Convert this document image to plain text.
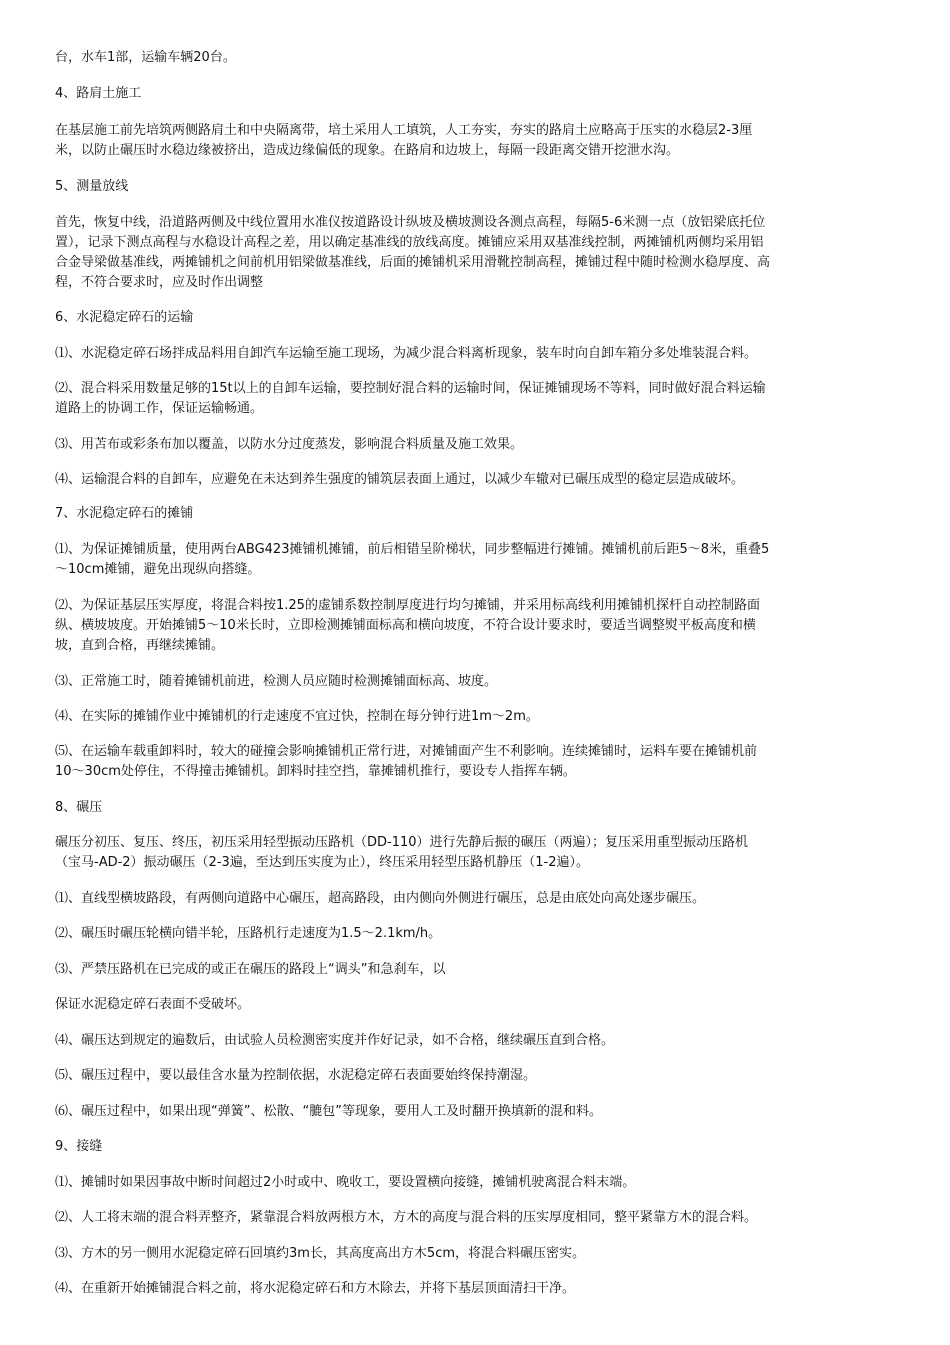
台，水车1部，运输车辆20台。
4、路肩土施工
在基层施工前先培筑两侧路肩土和中央隔离带，培土采用人工填筑，人工夯实，夯实的路肩土应略高于压实的水稳层2-3厘
米，以防止碾压时水稳边缘被挤出，造成边缘偏低的现象。在路肩和边坡上，每隔一段距离交错开挖泄水沟。
5、测量放线
首先，恢复中线，沿道路两侧及中线位置用水准仪按道路设计纵坡及横坡测设各测点高程，每隔5-6米测一点（放铝梁底托位
置），记录下测点高程与水稳设计高程之差，用以确定基准线的放线高度。摊铺应采用双基准线控制，两摊铺机两侧均采用铝
合金导梁做基准线，两摊铺机之间前机用铝梁做基准线，后面的摊铺机采用滑靴控制高程，摊铺过程中随时检测水稳厚度、高
程，不符合要求时，应及时作出调整
6、水泥稳定碎石的运输
⑴、水泥稳定碎石场拌成品料用自卸汽车运输至施工现场，为减少混合料离析现象，装车时向自卸车箱分多处堆装混合料。
⑵、混合料采用数量足够的15t以上的自卸车运输，要控制好混合料的运输时间，保证摊铺现场不等料，同时做好混合料运输
道路上的协调工作，保证运输畅通。
⑶、用苫布或彩条布加以覆盖，以防水分过度蒸发，影响混合料质量及施工效果。
⑷、运输混合料的自卸车，应避免在未达到养生强度的铺筑层表面上通过，以减少车辙对已碾压成型的稳定层造成破坏。
7、水泥稳定碎石的摊铺
⑴、为保证摊铺质量，使用两台ABG423摊铺机摊铺，前后相错呈阶梯状，同步整幅进行摊铺。摊铺机前后距5～8米，重叠5
～10cm摊铺，避免出现纵向搭缝。
⑵、为保证基层压实厚度，将混合料按1.25的虚铺系数控制厚度进行均匀摊铺，并采用标高线利用摊铺机探杆自动控制路面
纵、横坡坡度。开始摊铺5～10米长时，立即检测摊铺面标高和横向坡度，不符合设计要求时，要适当调整熨平板高度和横
坡，直到合格，再继续摊铺。
⑶、正常施工时，随着摊铺机前进，检测人员应随时检测摊铺面标高、坡度。
⑷、在实际的摊铺作业中摊铺机的行走速度不宜过快，控制在每分钟行进1m～2m。
⑸、在运输车载重卸料时，较大的碰撞会影响摊铺机正常行进，对摊铺面产生不利影响。连续摊铺时，运料车要在摊铺机前
10～30cm处停住，不得撞击摊铺机。卸料时挂空挡，靠摊铺机推行，要设专人指挥车辆。
8、碾压
碾压分初压、复压、终压，初压采用轻型振动压路机（DD-110）进行先静后振的碾压（两遍）；复压采用重型振动压路机
（宝马-AD-2）振动碾压（2-3遍，至达到压实度为止），终压采用轻型压路机静压（1-2遍）。
⑴、直线型横坡路段，有两侧向道路中心碾压，超高路段，由内侧向外侧进行碾压，总是由底处向高处逐步碾压。
⑵、碾压时碾压轮横向错半轮，压路机行走速度为1.5～2.1km/h。
⑶、严禁压路机在已完成的或正在碾压的路段上“调头”和急刹车，以
保证水泥稳定碎石表面不受破坏。
⑷、碾压达到规定的遍数后，由试验人员检测密实度并作好记录，如不合格，继续碾压直到合格。
⑸、碾压过程中，要以最佳含水量为控制依据，水泥稳定碎石表面要始终保持潮湿。
⑹、碾压过程中，如果出现“弹簧”、松散、“膔包”等现象，要用人工及时翻开换填新的混和料。
9、接缝
⑴、摊铺时如果因事故中断时间超过2小时或中、晚收工，要设置横向接缝，摊铺机驶离混合料末端。
⑵、人工将末端的混合料弄整齐，紧靠混合料放两根方木，方木的高度与混合料的压实厚度相同，整平紧靠方木的混合料。
⑶、方木的另一侧用水泥稳定碎石回填约3m长，其高度高出方木5cm，将混合料碾压密实。
⑷、在重新开始摊铺混合料之前，将水泥稳定碎石和方木除去，并将下基层顶面清扫干净。
